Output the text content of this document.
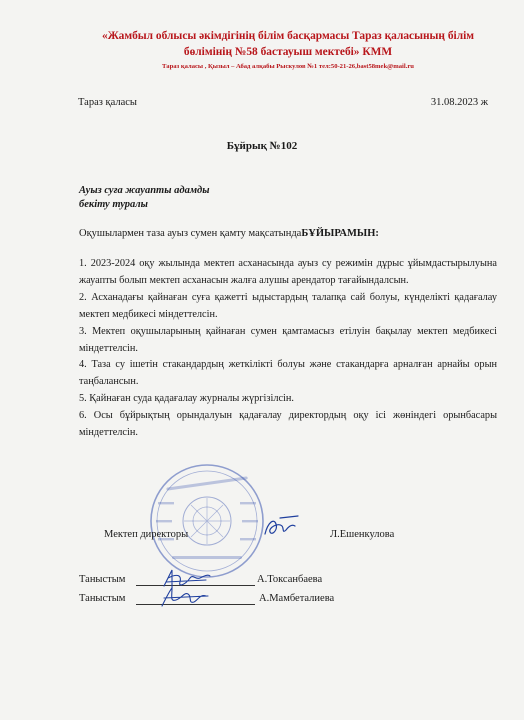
«Жамбыл облысы әкімдігінің білім басқармасы Тараз қаласының білім бөлімінің №58 бастауыш мектебі» КММ
Тараз қаласы , Қызыл – Абад алқабы Рыскулов №1 тел:50-21-26,bast58mek@mail.ru
Тараз қаласы	31.08.2023 ж
Бұйрық №102
Ауыз суға жауапты адамды
бекіту туралы
Оқушылармен таза ауыз сумен қамту мақсатындаБҰЙЫРАМЫН:

1. 2023-2024 оқу жылында мектеп асханасында ауыз су режимін дұрыс ұйымдастырылуына жауапты болып мектеп асханасын жалға алушы арендатор тағайындалсын.

2. Асханадағы қайнаған суға қажетті ыдыстардың талапқа сай болуы, күнделікті қадағалау мектеп медбикесі міндеттелсін.

3. Мектеп оқушыларының қайнаған сумен қамтамасыз етілуін бақылау мектеп медбикесі міндеттелсін.

4. Таза су ішетін стакандардың жеткілікті болуы және стакандарға арналған арнайы орын таңбалансын.

5. Қайнаған суда қадағалау журналы жүргізілсін.

6. Осы бұйрықтың орындалуын қадағалау директордың оқу ісі жөніндегі орынбасары міндеттелсін.

Мектеп директоры	Л.Ешенкулова
Таныстым	А.Токсанбаева
Таныстым	А.Мамбеталиева
